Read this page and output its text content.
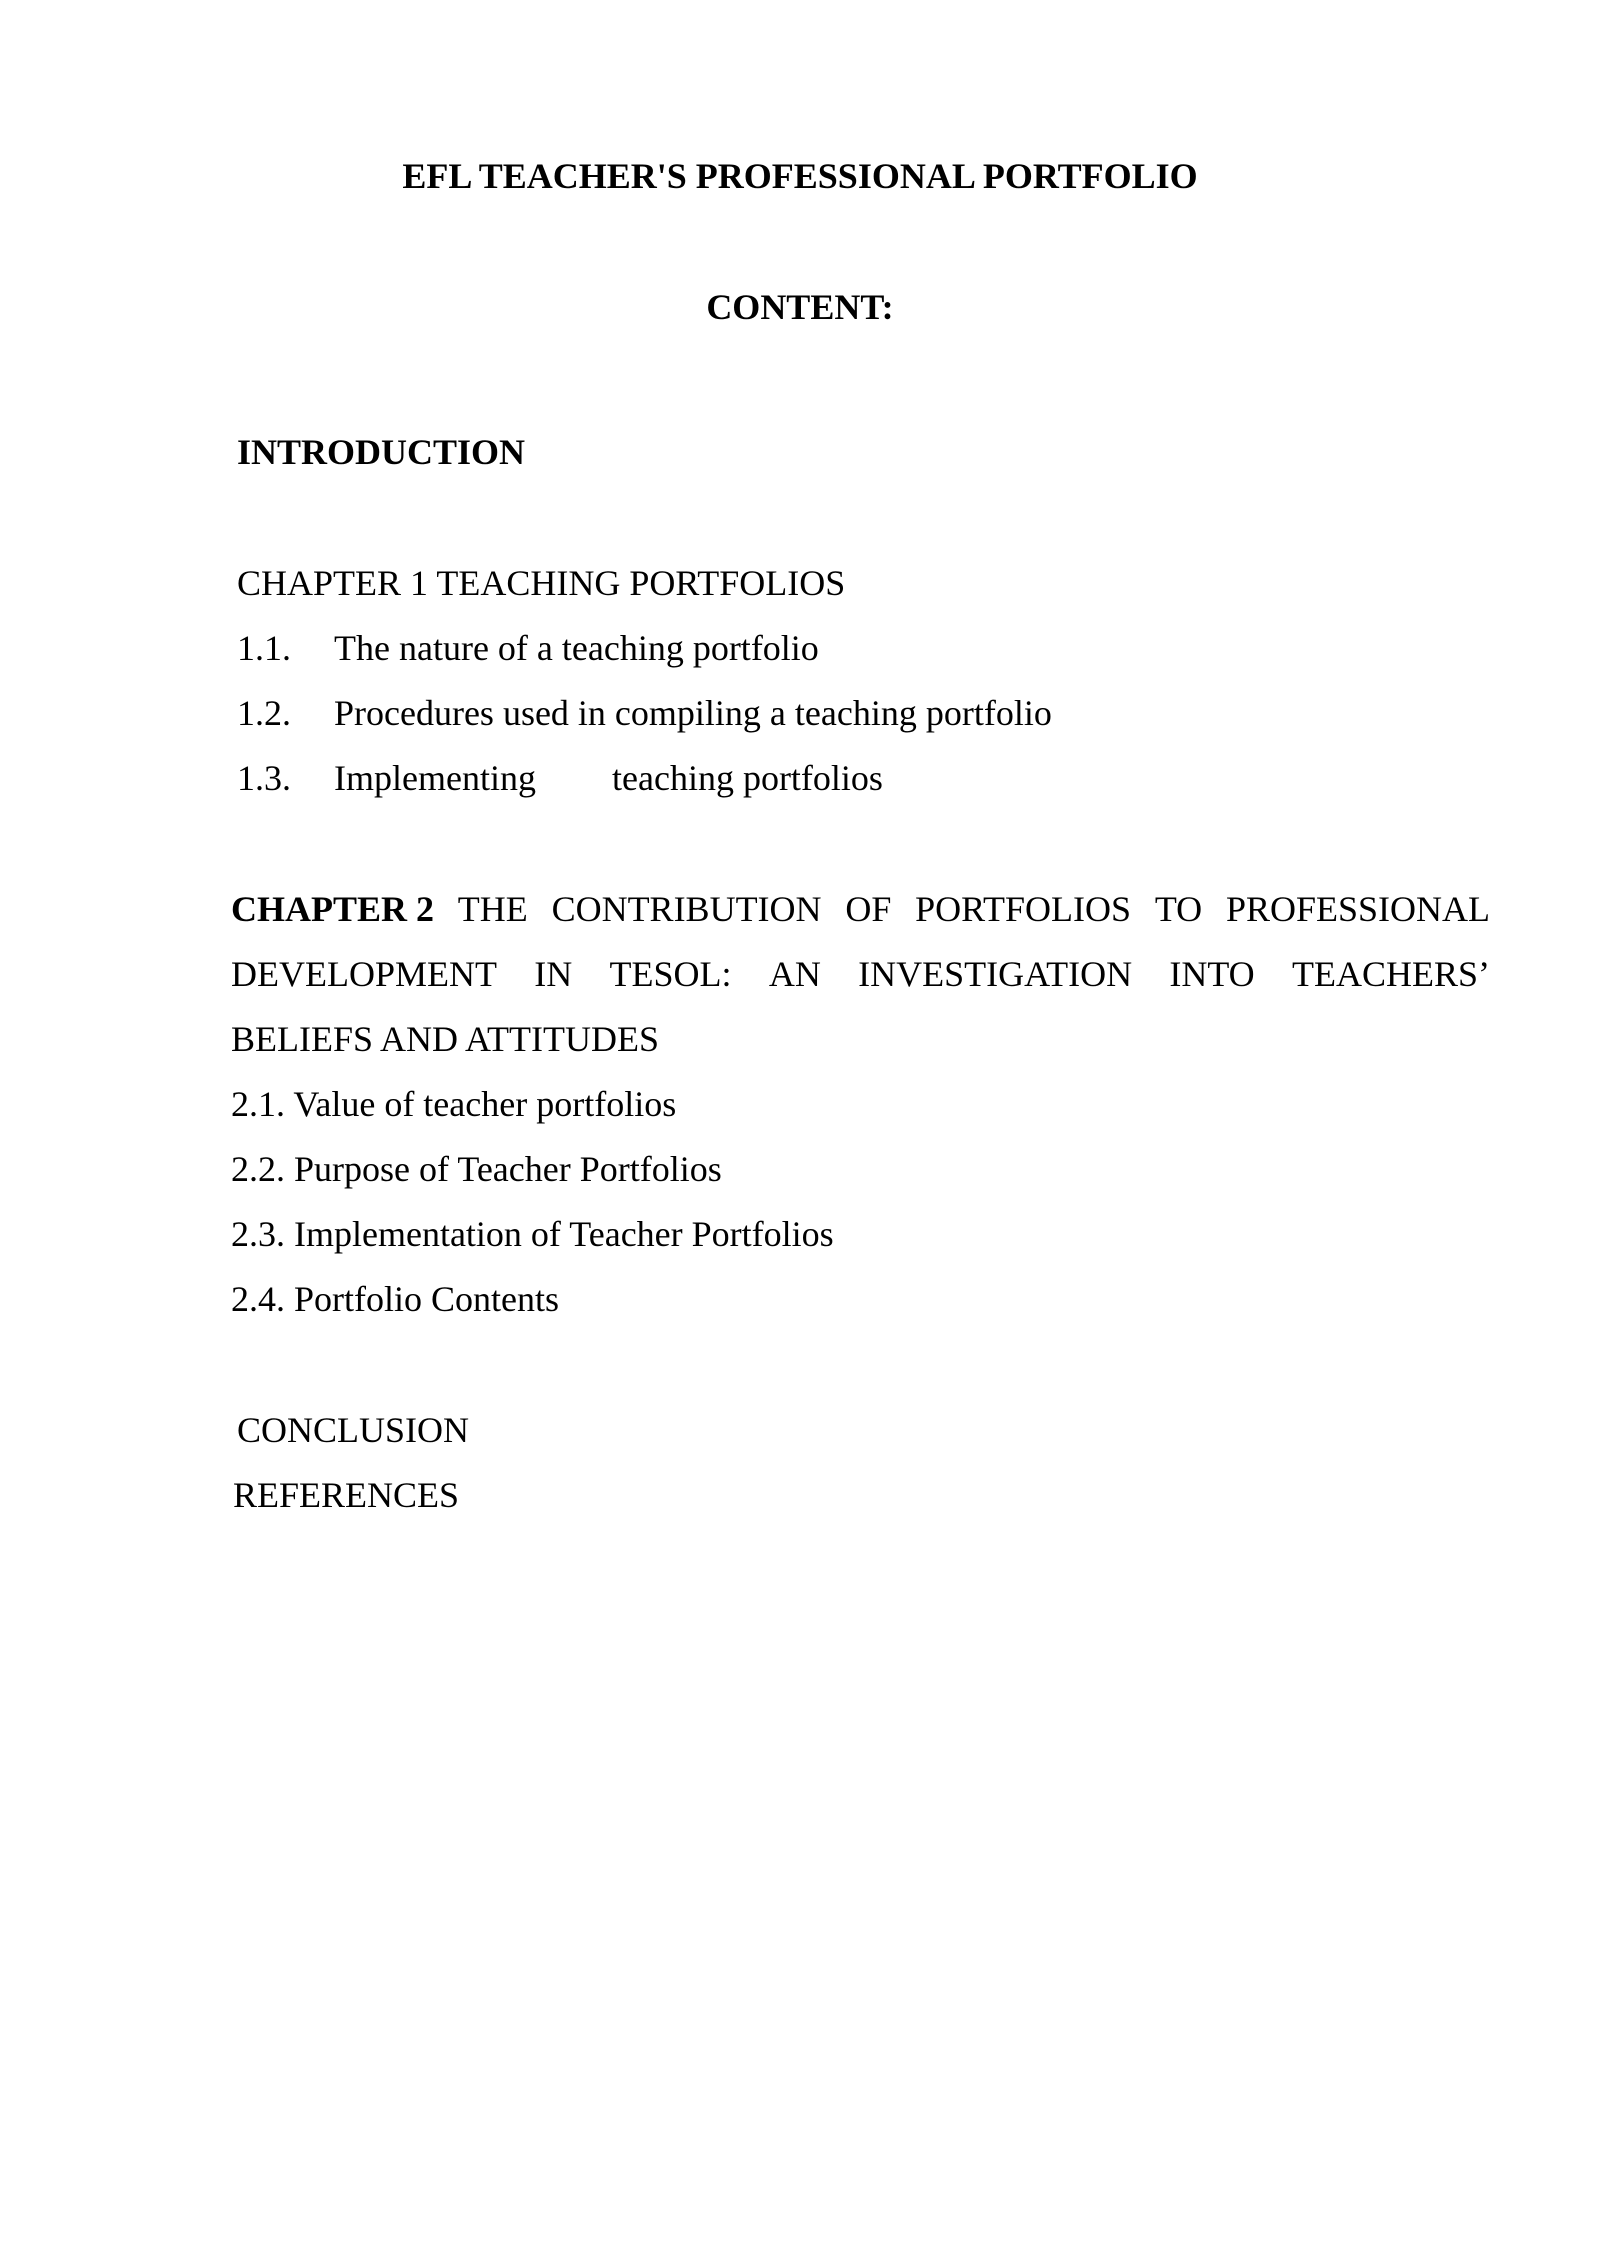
EFL TEACHER'S PROFESSIONAL PORTFOLIO
CONTENT:
INTRODUCTION
CHAPTER 1 TEACHING PORTFOLIOS
1.1. The nature of a teaching portfolio
1.2. Procedures used in compiling a teaching portfolio
1.3. Implementing teaching portfolios
CHAPTER 2 THE CONTRIBUTION OF PORTFOLIOS TO PROFESSIONAL
DEVELOPMENT IN TESOL: AN INVESTIGATION INTO TEACHERS’
BELIEFS AND ATTITUDES
2.1. Value of teacher portfolios
2.2. Purpose of Teacher Portfolios
2.3. Implementation of Teacher Portfolios
2.4. Portfolio Contents
CONCLUSION
REFERENCES
